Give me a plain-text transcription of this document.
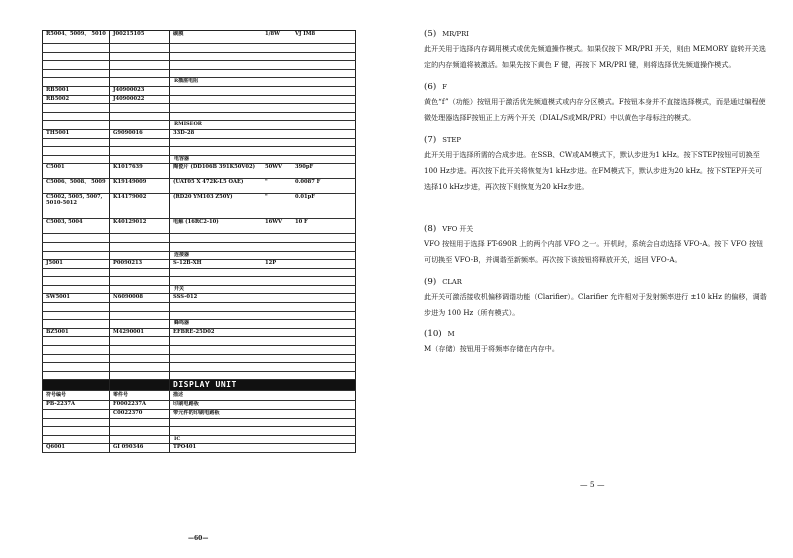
R5004、5009、 5010	J00215105	碳膜 1/8W VJ IM8

		R插座电阻
RB5001	J40900023	
RB5002	J40900022	

		RMISEOR
TH5001	G9090016	33D-28

		电容器
C5001	K1017639	陶瓷片 (DD106B 391K50V02) 50WV 390pF
C5006、5008、 5009	K19149009	(UAT05 X 472K-L5 OAE) " 0.0087 F
C5002, 5005, 5007, 5010-5012	K14179002	(RD20 YM103 Z50Y) " 0.01pF
C5003, 5004	K40129012	电解 (16RC2-10) 16WV 10 F

		连接器
J5001	P0090213	S-12B-XH 12P

		开关
SW5001	N6090008	SSS-012

		蜂鸣器
BZ5001	M4290001	EFBRE-25D02

		DISPLAY UNIT
符号编号	零件号	描述
PB-2237A	F0002237A	印刷电路板
	C0022370	带元件的印刷电路板

		IC
Q6001	GI 090346	TPO401
—60—
(5) MR/PRI

此开关用于选择内存调用模式或优先频道操作模式。如果仅按下 MR/PRI 开关，则由 MEMORY 旋转开关选定的内存频道将被激活。如果先按下黄色 F 键，再按下 MR/PRI 键，则将选择优先频道操作模式。

(6) F

黄色“f”（功能）按钮用于激活优先频道模式或内存分区模式。F按钮本身并不直接选择模式，而是通过编程使微处理器选择F按钮正上方两个开关（DIAL/S或MR/PRI）中以黄色字母标注的模式。

(7) STEP

此开关用于选择所需的合成步进。在SSB、CW或AM模式下，默认步进为1 kHz。按下STEP按钮可切换至100 Hz步进。再次按下此开关将恢复为1 kHz步进。在FM模式下，默认步进为20 kHz。按下STEP开关可选择10 kHz步进，再次按下则恢复为20 kHz步进。

(8) VFO 开关

VFO 按钮用于选择 FT-690R 上的两个内部 VFO 之一。开机时，系统会自动选择 VFO-A。按下 VFO 按钮可切换至 VFO-B，并调谐至新频率。再次按下该按钮将释放开关，返回 VFO-A。

(9) CLAR

此开关可激活接收机偏移调谐功能（Clarifier）。Clarifier 允许相对于发射频率进行 ±10 kHz 的偏移，调谐步进为 100 Hz（所有模式）。

(10) M

M（存储）按钮用于将频率存储在内存中。

— 5 —
